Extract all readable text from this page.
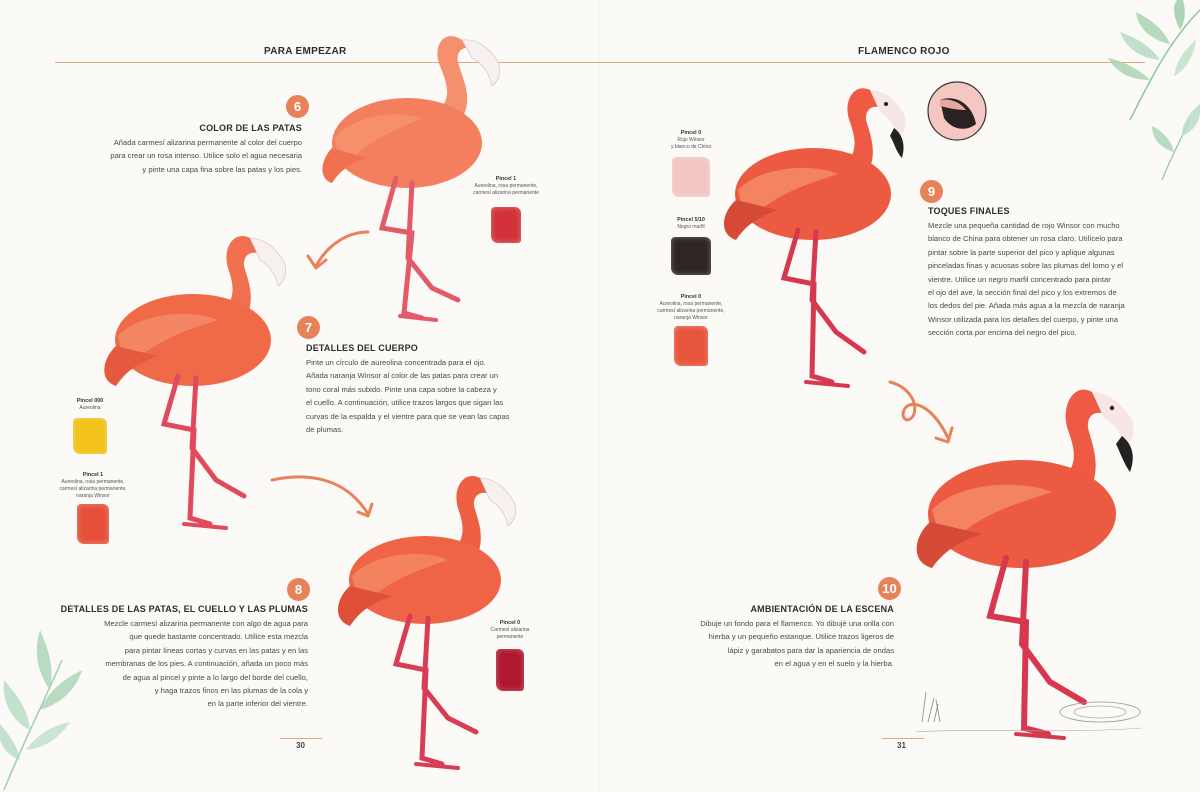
PARA EMPEZAR
6
COLOR DE LAS PATAS
Añada carmesí alizarina permanente al color del cuerpo
para crear un rosa intenso. Utilice solo el agua necesaria
y pinte una capa fina sobre las patas y los pies.
7
DETALLES DEL CUERPO
Pinte un círculo de aureolina concentrada para el ojo.
Añada naranja Winsor al color de las patas para crear un
tono coral más subido. Pinte una capa sobre la cabeza y
el cuello. A continuación, utilice trazos largos que sigan las
curvas de la espalda y el vientre para que se vean las capas
de plumas.
8
DETALLES DE LAS PATAS, EL CUELLO Y LAS PLUMAS
Mezcle carmesí alizarina permanente con algo de agua para
que quede bastante concentrado. Utilice esta mezcla
para pintar líneas cortas y curvas en las patas y en las
membranas de los pies. A continuación, añada un poco más
de agua al pincel y pinte a lo largo del borde del cuello,
y haga trazos finos en las plumas de la cola y
en la parte inferior del vientre.
Pincel 1
Aureolina, rosa permanente,
carmesí alizarina permanente
Pincel 000
Aureolina
Pincel 1
Aureolina, rosa permanente,
carmesí alizarina permanente,
naranja Winsor
Pincel 0
Carmesí alizarina
permanente
30
FLAMENCO ROJO
9
TOQUES FINALES
Mezcle una pequeña cantidad de rojo Winsor con mucho
blanco de China para obtener un rosa claro. Utilícelo para
pintar sobre la parte superior del pico y aplique algunas
pinceladas finas y acuosas sobre las plumas del lomo y el
vientre. Utilice un negro marfil concentrado para pintar
el ojo del ave, la sección final del pico y los extremos de
los dedos del pie. Añada más agua a la mezcla de naranja
Winsor utilizada para los detalles del cuerpo, y pinte una
sección corta por encima del negro del pico.
10
AMBIENTACIÓN DE LA ESCENA
Dibuje un fondo para el flamenco. Yo dibujé una orilla con
hierba y un pequeño estanque. Utilice trazos ligeros de
lápiz y garabatos para dar la apariencia de ondas
en el agua y en el suelo y la hierba.
Pincel 0
Rojo Winsor
y blanco de China
Pincel 5/10
Negro marfil
Pincel 0
Aureolina, rosa permanente,
carmesí alizarina permanente,
naranja Winsor
31
